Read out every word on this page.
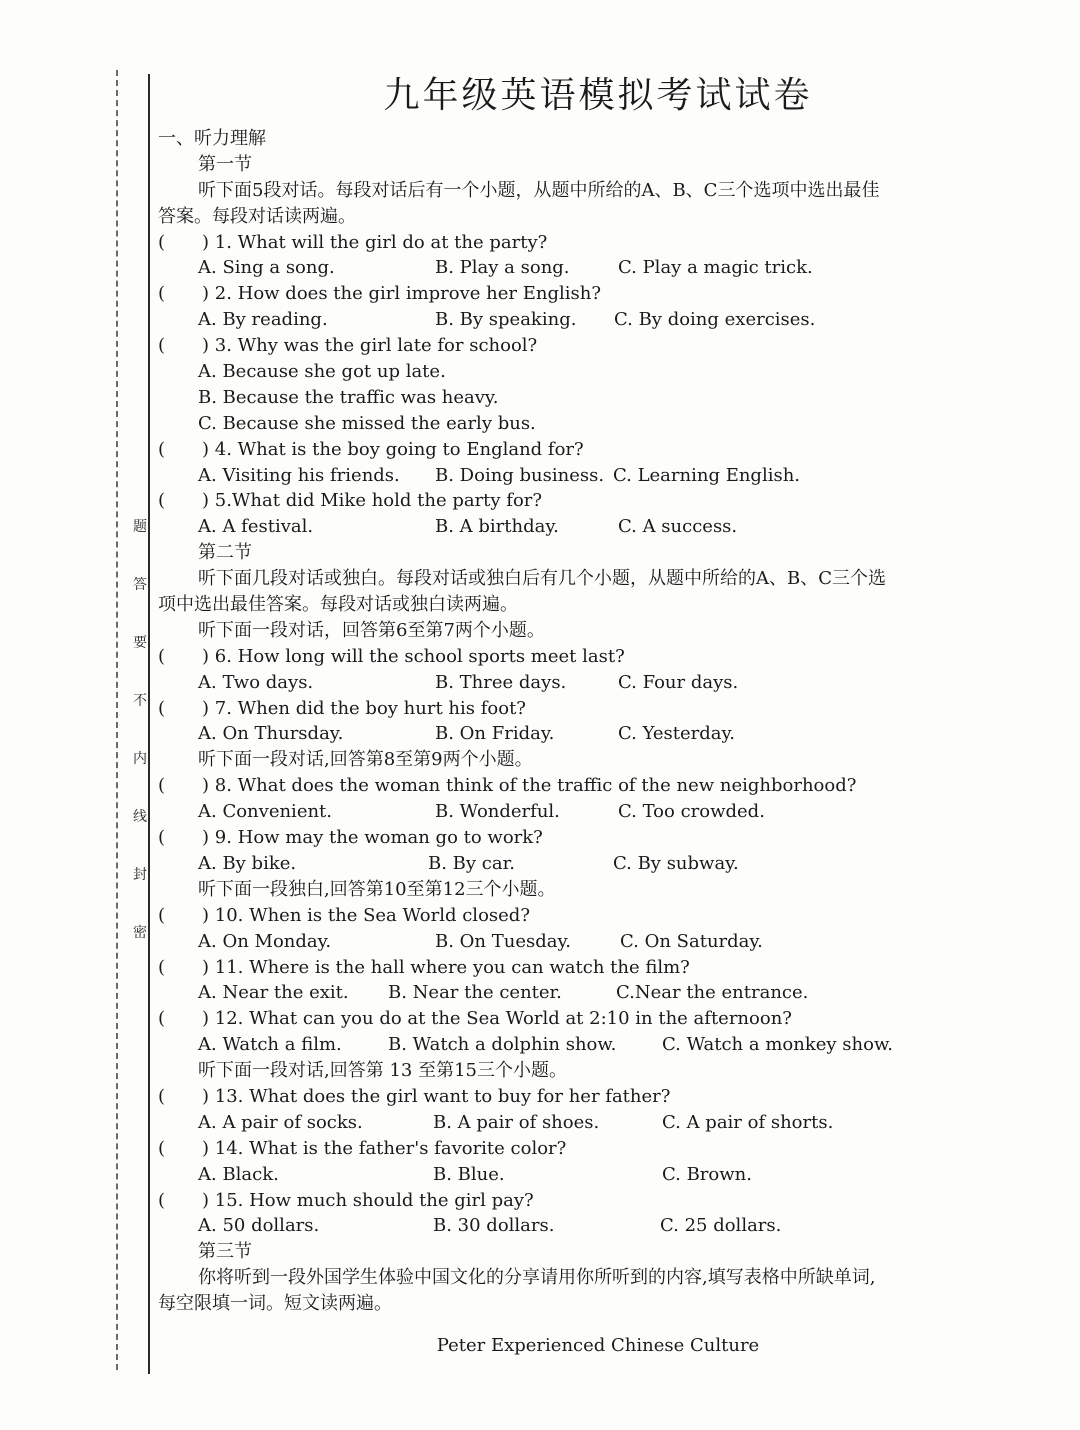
题
答
要
不
内
线
封
密
九年级英语模拟考试试卷
一、听力理解
第一节
听下面5段对话。每段对话后有一个小题，从题中所给的A、B、C三个选项中选出最佳
答案。每段对话读两遍。
( ) 1. What will the girl do at the party?
A. Sing a song.	B. Play a song.	C. Play a magic trick.
( ) 2. How does the girl improve her English?
A. By reading.	B. By speaking. C. By doing exercises.
( ) 3. Why was the girl late for school?
A. Because she got up late.
B. Because the traffic was heavy.
C. Because she missed the early bus.
( ) 4. What is the boy going to England for?
A. Visiting his friends. B. Doing business. C. Learning English.
( ) 5.What did Mike hold the party for?
A. A festival.	B. A birthday.	C. A success.
第二节
听下面几段对话或独白。每段对话或独白后有几个小题，从题中所给的A、B、C三个选
项中选出最佳答案。每段对话或独白读两遍。
听下面一段对话，回答第6至第7两个小题。
( ) 6. How long will the school sports meet last?
A. Two days.	B. Three days.	C. Four days.
( ) 7. When did the boy hurt his foot?
A. On Thursday.	B. On Friday.	C. Yesterday.
听下面一段对话,回答第8至第9两个小题。
( ) 8. What does the woman think of the traffic of the new neighborhood?
A. Convenient.	B. Wonderful.	C. Too crowded.
( ) 9. How may the woman go to work?
A. By bike.	B. By car.	C. By subway.
听下面一段独白,回答第10至第12三个小题。
( ) 10. When is the Sea World closed?
A. On Monday.	B. On Tuesday.	C. On Saturday.
( ) 11. Where is the hall where you can watch the film?
A. Near the exit. B. Near the center.	C.Near the entrance.
( ) 12. What can you do at the Sea World at 2:10 in the afternoon?
A. Watch a film.	B. Watch a dolphin show.	C. Watch a monkey show.
听下面一段对话,回答第 13 至第15三个小题。
( ) 13. What does the girl want to buy for her father?
A. A pair of socks.	B. A pair of shoes.	C. A pair of shorts.
( ) 14. What is the father's favorite color?
A. Black.	B. Blue.	C. Brown.
( ) 15. How much should the girl pay?
A. 50 dollars.	B. 30 dollars.	C. 25 dollars.
第三节
你将听到一段外国学生体验中国文化的分享请用你所听到的内容,填写表格中所缺单词,
每空限填一词。短文读两遍。
Peter Experienced Chinese Culture
